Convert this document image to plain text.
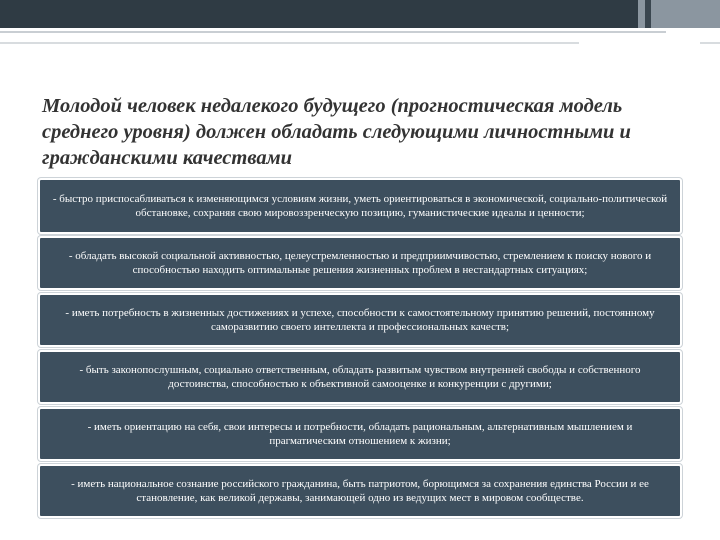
Молодой человек недалекого будущего (прогностическая модель среднего уровня) должен обладать следующими личностными и гражданскими качествами
- быстро приспосабливаться к изменяющимся условиям жизни, уметь ориентироваться в экономической, социально-политической обстановке, сохраняя свою мировоззренческую позицию, гуманистические идеалы и ценности;
- обладать высокой социальной активностью, целеустремленностью и предприимчивостью, стремлением к поиску нового и способностью находить оптимальные решения жизненных проблем в нестандартных ситуациях;
- иметь потребность в жизненных достижениях и успехе, способности к самостоятельному принятию решений, постоянному саморазвитию своего интеллекта и профессиональных качеств;
- быть законопослушным, социально ответственным, обладать развитым чувством внутренней свободы и собственного достоинства, способностью к объективной самооценке и конкуренции с другими;
- иметь ориентацию на себя, свои интересы и потребности, обладать рациональным, альтернативным мышлением и прагматическим отношением к жизни;
- иметь национальное сознание российского гражданина, быть патриотом, борющимся за сохранения единства России и ее становление, как великой державы, занимающей одно из ведущих мест в мировом сообществе.
